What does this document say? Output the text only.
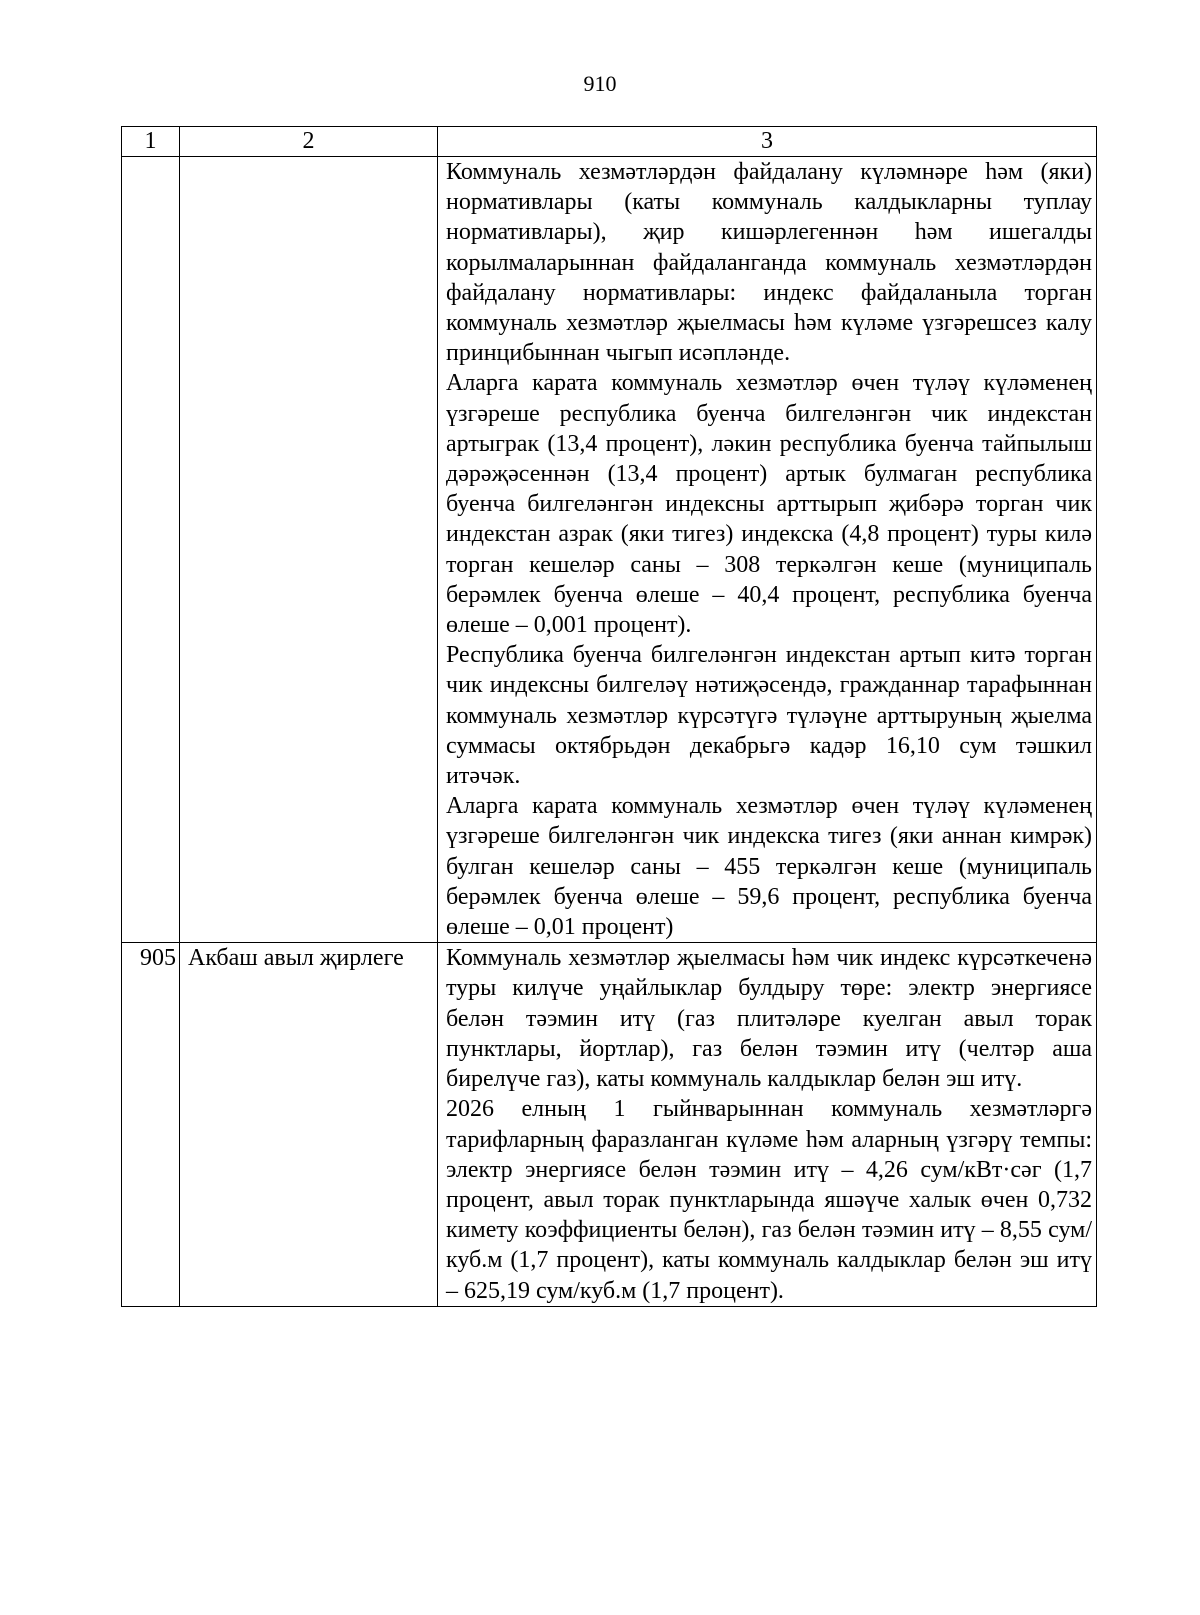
910
1	2	3

		Коммуналь хезмәтләрдән файдалану күләмнәре һәм (яки) нормативлары (каты коммуналь калдыкларны туплау нормативлары), җир кишәрлегеннән һәм ишегалды корылмаларыннан файдаланганда коммуналь хезмәтләрдән файдалану нормативлары: индекс файдаланыла торган коммуналь хезмәтләр җыелмасы һәм күләме үзгәрешсез калу принцибыннан чыгып исәпләнде.

Аларга карата коммуналь хезмәтләр өчен түләү күләменең үзгәреше республика буенча билгеләнгән чик индекстан артыграк (13,4 процент), ләкин республика буенча тайпылыш дәрәҗәсеннән (13,4 процент) артык булмаган республика буенча билгеләнгән индексны арттырып җибәрә торган чик индекстан азрак (яки тигез) индекска (4,8 процент) туры килә торган кешеләр саны – 308 теркәлгән кеше (муниципаль берәмлек буенча өлеше – 40,4 процент, республика буенча өлеше – 0,001 процент).

Республика буенча билгеләнгән индекстан артып китә торган чик индексны билгеләү нәтиҗәсендә, гражданнар тарафыннан коммуналь хезмәтләр күрсәтүгә түләүне арттыруның җыелма суммасы октябрьдән декабрьгә кадәр 16,10 сум тәшкил итәчәк.

Аларга карата коммуналь хезмәтләр өчен түләү күләменең үзгәреше билгеләнгән чик индекска тигез (яки аннан кимрәк) булган кешеләр саны – 455 теркәлгән кеше (муниципаль берәмлек буенча өлеше – 59,6 процент, республика буенча өлеше – 0,01 процент)

905	Акбаш авыл җирлеге	Коммуналь хезмәтләр җыелмасы һәм чик индекс күрсәткеченә туры килүче уңайлыклар булдыру төре: электр энергиясе белән тәэмин итү (газ плитәләре куелган авыл торак пунктлары, йортлар), газ белән тәэмин итү (челтәр аша бирелүче газ), каты коммуналь калдыклар белән эш итү.

2026 елның 1 гыйнварыннан коммуналь хезмәтләргә тарифларның фаразланган күләме һәм аларның үзгәрү темпы: электр энергиясе белән тәэмин итү – 4,26 сум/кВт·сәг (1,7 процент, авыл торак пунктларында яшәүче халык өчен 0,732 кимету коэффициенты белән), газ белән тәэмин итү – 8,55 сум/куб.м (1,7 процент), каты коммуналь калдыклар белән эш итү – 625,19 сум/куб.м (1,7 процент).
